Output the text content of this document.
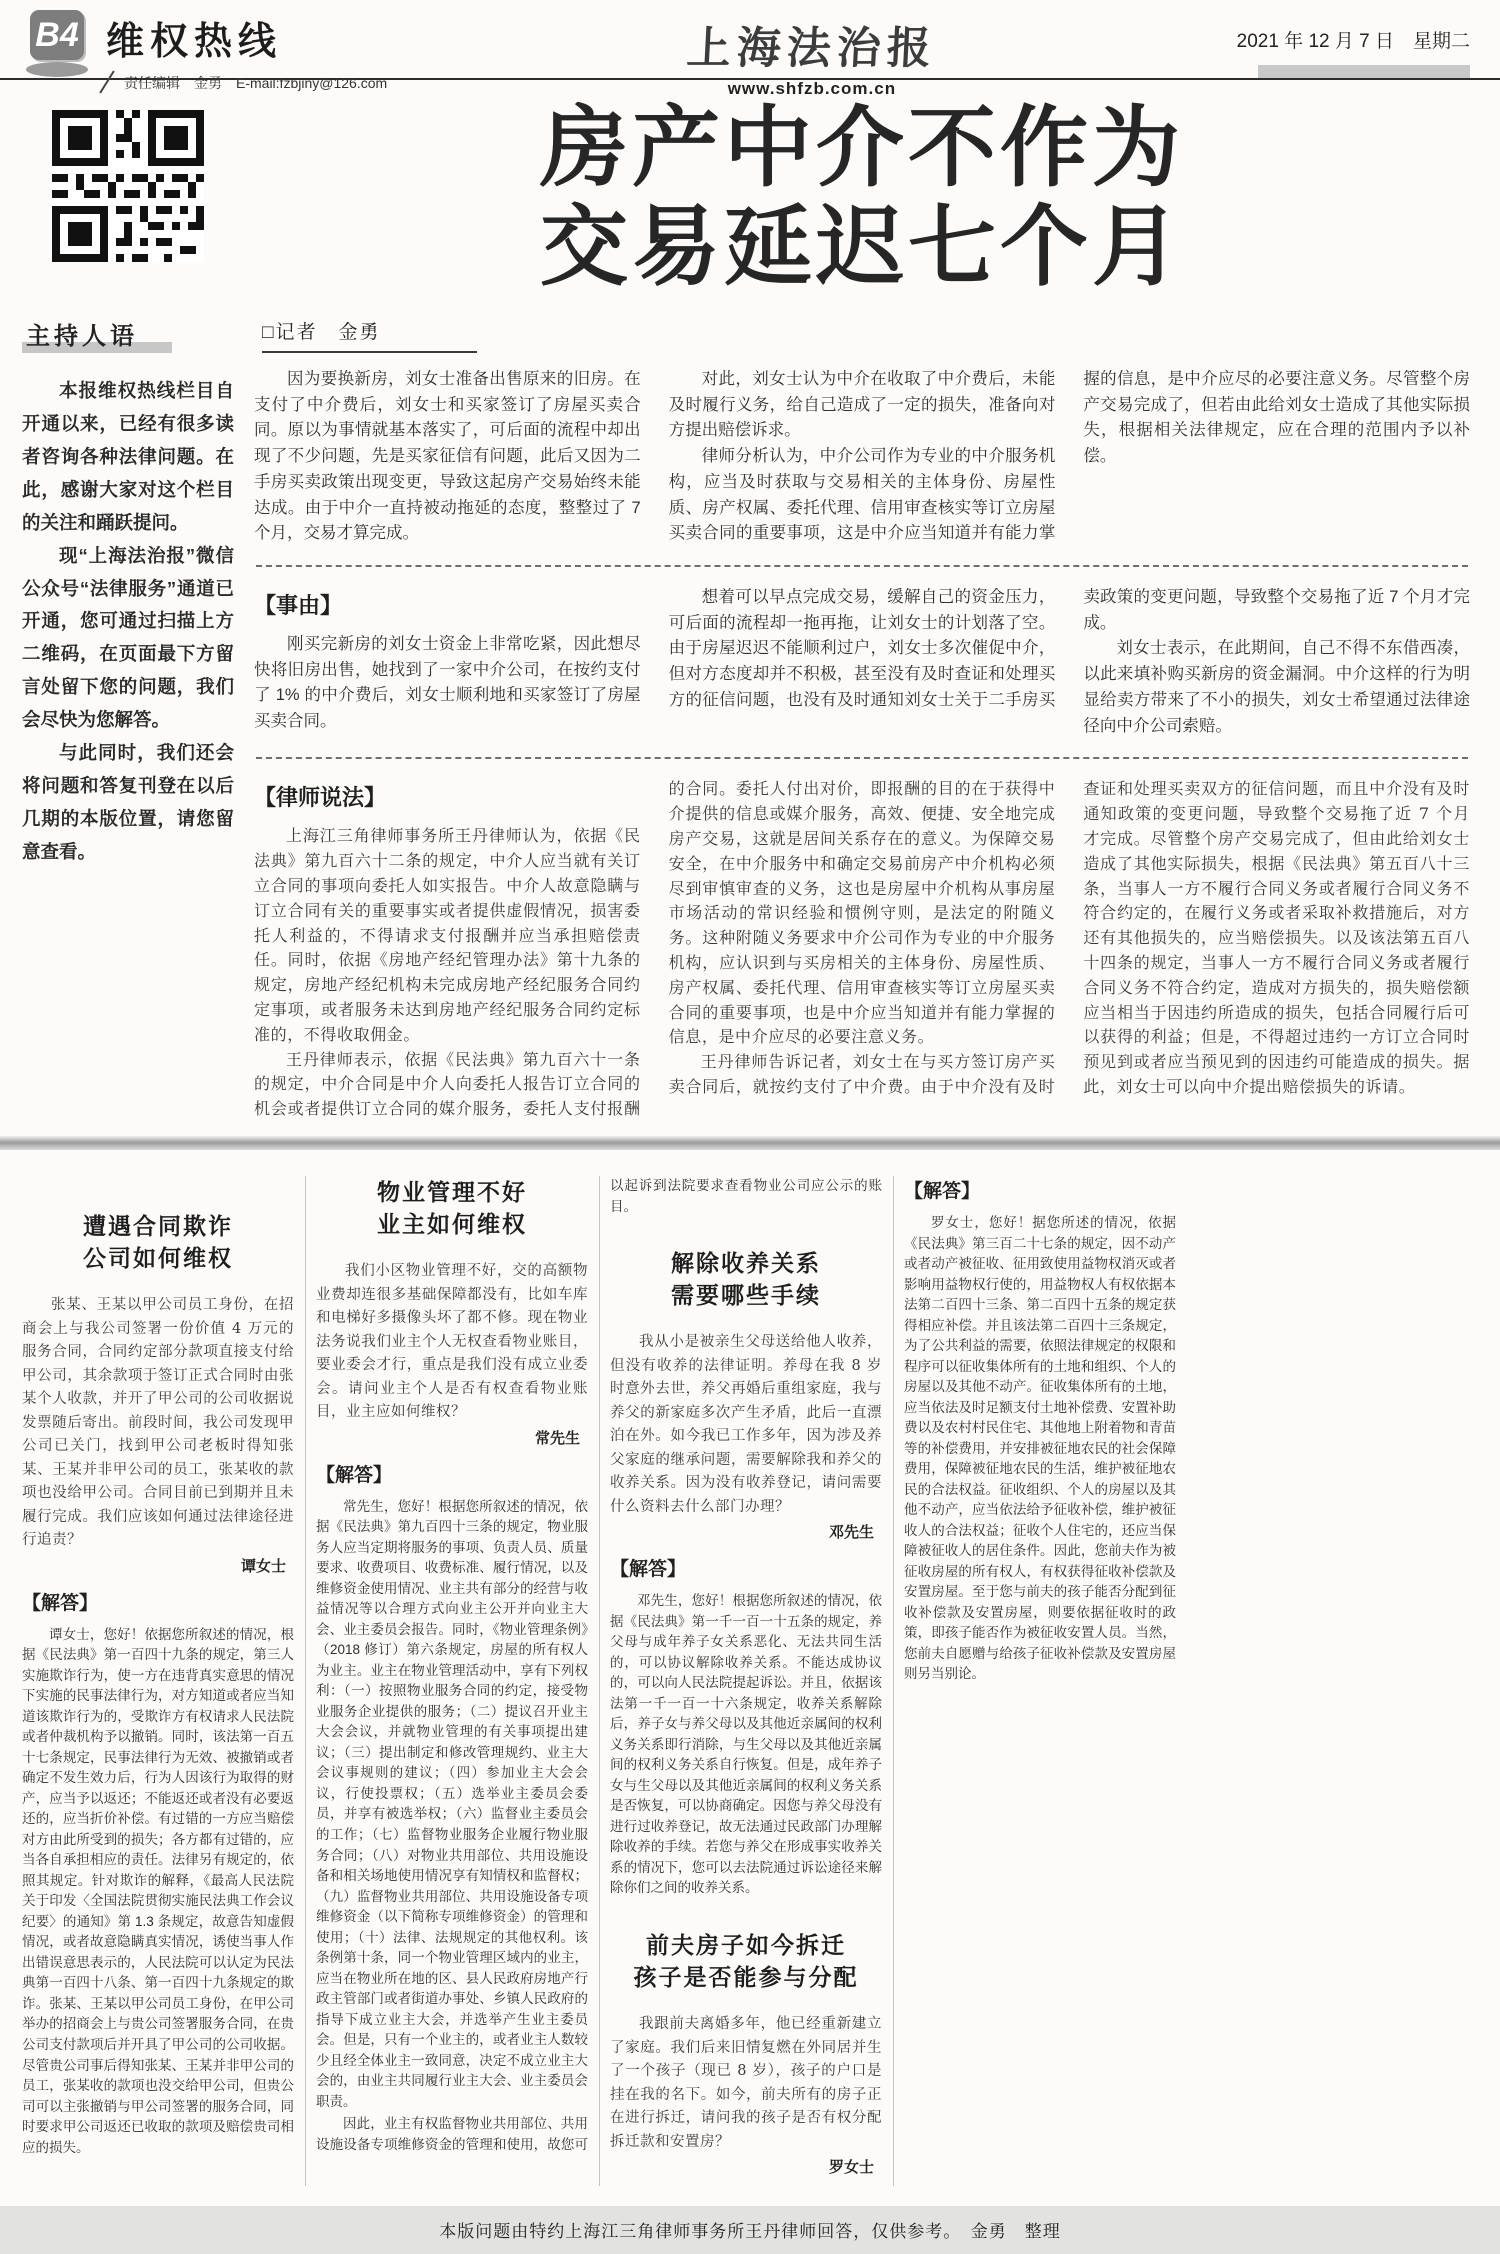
B4 维权热线
责任编辑　金勇　E-mail:fzbjiny@126.com
上海法治报
www.shfzb.com.cn
2021 年 12 月 7 日　星期二
主持人语

本报维权热线栏目自开通以来，已经有很多读者咨询各种法律问题。在此，感谢大家对这个栏目的关注和踊跃提问。

现“上海法治报”微信公众号“法律服务”通道已开通，您可通过扫描上方二维码，在页面最下方留言处留下您的问题，我们会尽快为您解答。

与此同时，我们还会将问题和答复刊登在以后几期的本版位置，请您留意查看。

房产中介不作为
交易延迟七个月
□记者　金勇

因为要换新房，刘女士准备出售原来的旧房。在支付了中介费后，刘女士和买家签订了房屋买卖合同。原以为事情就基本落实了，可后面的流程中却出现了不少问题，先是买家征信有问题，此后又因为二手房买卖政策出现变更，导致这起房产交易始终未能达成。由于中介一直持被动拖延的态度，整整过了 7 个月，交易才算完成。

对此，刘女士认为中介在收取了中介费后，未能及时履行义务，给自己造成了一定的损失，准备向对方提出赔偿诉求。

律师分析认为，中介公司作为专业的中介服务机构，应当及时获取与交易相关的主体身份、房屋性质、房产权属、委托代理、信用审查核实等订立房屋买卖合同的重要事项，这是中介应当知道并有能力掌握的信息，是中介应尽的必要注意义务。尽管整个房产交易完成了，但若由此给刘女士造成了其他实际损失，根据相关法律规定，应在合理的范围内予以补偿。

【事由】

刚买完新房的刘女士资金上非常吃紧，因此想尽快将旧房出售，她找到了一家中介公司，在按约支付了 1% 的中介费后，刘女士顺利地和买家签订了房屋买卖合同。

想着可以早点完成交易，缓解自己的资金压力，可后面的流程却一拖再拖，让刘女士的计划落了空。由于房屋迟迟不能顺利过户，刘女士多次催促中介，但对方态度却并不积极，甚至没有及时查证和处理买方的征信问题，也没有及时通知刘女士关于二手房买卖政策的变更问题，导致整个交易拖了近 7 个月才完成。

刘女士表示，在此期间，自己不得不东借西凑，以此来填补购买新房的资金漏洞。中介这样的行为明显给卖方带来了不小的损失，刘女士希望通过法律途径向中介公司索赔。

【律师说法】

上海江三角律师事务所王丹律师认为，依据《民法典》第九百六十二条的规定，中介人应当就有关订立合同的事项向委托人如实报告。中介人故意隐瞒与订立合同有关的重要事实或者提供虚假情况，损害委托人利益的，不得请求支付报酬并应当承担赔偿责任。同时，依据《房地产经纪管理办法》第十九条的规定，房地产经纪机构未完成房地产经纪服务合同约定事项，或者服务未达到房地产经纪服务合同约定标准的，不得收取佣金。

王丹律师表示，依据《民法典》第九百六十一条的规定，中介合同是中介人向委托人报告订立合同的机会或者提供订立合同的媒介服务，委托人支付报酬的合同。委托人付出对价，即报酬的目的在于获得中介提供的信息或媒介服务，高效、便捷、安全地完成房产交易，这就是居间关系存在的意义。为保障交易安全，在中介服务中和确定交易前房产中介机构必须尽到审慎审查的义务，这也是房屋中介机构从事房屋市场活动的常识经验和惯例守则，是法定的附随义务。这种附随义务要求中介公司作为专业的中介服务机构，应认识到与买房相关的主体身份、房屋性质、房产权属、委托代理、信用审查核实等订立房屋买卖合同的重要事项，也是中介应当知道并有能力掌握的信息，是中介应尽的必要注意义务。

王丹律师告诉记者，刘女士在与买方签订房产买卖合同后，就按约支付了中介费。由于中介没有及时查证和处理买卖双方的征信问题，而且中介没有及时通知政策的变更问题，导致整个交易拖了近 7 个月才完成。尽管整个房产交易完成了，但由此给刘女士造成了其他实际损失，根据《民法典》第五百八十三条，当事人一方不履行合同义务或者履行合同义务不符合约定的，在履行义务或者采取补救措施后，对方还有其他损失的，应当赔偿损失。以及该法第五百八十四条的规定，当事人一方不履行合同义务或者履行合同义务不符合约定，造成对方损失的，损失赔偿额应当相当于因违约所造成的损失，包括合同履行后可以获得的利益；但是，不得超过违约一方订立合同时预见到或者应当预见到的因违约可能造成的损失。据此，刘女士可以向中介提出赔偿损失的诉请。

遭遇合同欺诈
公司如何维权

张某、王某以甲公司员工身份，在招商会上与我公司签署一份价值 4 万元的服务合同，合同约定部分款项直接支付给甲公司，其余款项于签订正式合同时由张某个人收款，并开了甲公司的公司收据说发票随后寄出。前段时间，我公司发现甲公司已关门，找到甲公司老板时得知张某、王某并非甲公司的员工，张某收的款项也没给甲公司。合同目前已到期并且未履行完成。我们应该如何通过法律途径进行追责？

谭女士

【解答】

谭女士，您好！依据您所叙述的情况，根据《民法典》第一百四十九条的规定，第三人实施欺诈行为，使一方在违背真实意思的情况下实施的民事法律行为，对方知道或者应当知道该欺诈行为的，受欺诈方有权请求人民法院或者仲裁机构予以撤销。同时，该法第一百五十七条规定，民事法律行为无效、被撤销或者确定不发生效力后，行为人因该行为取得的财产，应当予以返还；不能返还或者没有必要返还的，应当折价补偿。有过错的一方应当赔偿对方由此所受到的损失；各方都有过错的，应当各自承担相应的责任。法律另有规定的，依照其规定。针对欺诈的解释，《最高人民法院关于印发〈全国法院贯彻实施民法典工作会议纪要〉的通知》第 1.3 条规定，故意告知虚假情况，或者故意隐瞒真实情况，诱使当事人作出错误意思表示的，人民法院可以认定为民法典第一百四十八条、第一百四十九条规定的欺诈。张某、王某以甲公司员工身份，在甲公司举办的招商会上与贵公司签署服务合同，在贵公司支付款项后并开具了甲公司的公司收据。尽管贵公司事后得知张某、王某并非甲公司的员工，张某收的款项也没交给甲公司，但贵公司可以主张撤销与甲公司签署的服务合同，同时要求甲公司返还已收取的款项及赔偿贵司相应的损失。

物业管理不好
业主如何维权

我们小区物业管理不好，交的高额物业费却连很多基础保障都没有，比如车库和电梯好多摄像头坏了都不修。现在物业法务说我们业主个人无权查看物业账目，要业委会才行，重点是我们没有成立业委会。请问业主个人是否有权查看物业账目，业主应如何维权？

常先生

【解答】

常先生，您好！根据您所叙述的情况，依据《民法典》第九百四十三条的规定，物业服务人应当定期将服务的事项、负责人员、质量要求、收费项目、收费标准、履行情况，以及维修资金使用情况、业主共有部分的经营与收益情况等以合理方式向业主公开并向业主大会、业主委员会报告。同时，《物业管理条例》（2018 修订）第六条规定，房屋的所有权人为业主。业主在物业管理活动中，享有下列权利：（一）按照物业服务合同的约定，接受物业服务企业提供的服务；（二）提议召开业主大会会议，并就物业管理的有关事项提出建议；（三）提出制定和修改管理规约、业主大会议事规则的建议；（四）参加业主大会会议，行使投票权；（五）选举业主委员会委员，并享有被选举权；（六）监督业主委员会的工作；（七）监督物业服务企业履行物业服务合同；（八）对物业共用部位、共用设施设备和相关场地使用情况享有知情权和监督权；（九）监督物业共用部位、共用设施设备专项维修资金（以下简称专项维修资金）的管理和使用；（十）法律、法规规定的其他权利。该条例第十条，同一个物业管理区域内的业主，应当在物业所在地的区、县人民政府房地产行政主管部门或者街道办事处、乡镇人民政府的指导下成立业主大会，并选举产生业主委员会。但是，只有一个业主的，或者业主人数较少且经全体业主一致同意，决定不成立业主大会的，由业主共同履行业主大会、业主委员会职责。

因此，业主有权监督物业共用部位、共用设施设备专项维修资金的管理和使用，故您可以起诉到法院要求查看物业公司应公示的账目。

解除收养关系
需要哪些手续

我从小是被亲生父母送给他人收养，但没有收养的法律证明。养母在我 8 岁时意外去世，养父再婚后重组家庭，我与养父的新家庭多次产生矛盾，此后一直漂泊在外。如今我已工作多年，因为涉及养父家庭的继承问题，需要解除我和养父的收养关系。因为没有收养登记，请问需要什么资料去什么部门办理？

邓先生

【解答】

邓先生，您好！根据您所叙述的情况，依据《民法典》第一千一百一十五条的规定，养父母与成年养子女关系恶化、无法共同生活的，可以协议解除收养关系。不能达成协议的，可以向人民法院提起诉讼。并且，依据该法第一千一百一十六条规定，收养关系解除后，养子女与养父母以及其他近亲属间的权利义务关系即行消除，与生父母以及其他近亲属间的权利义务关系自行恢复。但是，成年养子女与生父母以及其他近亲属间的权利义务关系是否恢复，可以协商确定。因您与养父母没有进行过收养登记，故无法通过民政部门办理解除收养的手续。若您与养父在形成事实收养关系的情况下，您可以去法院通过诉讼途径来解除你们之间的收养关系。

前夫房子如今拆迁
孩子是否能参与分配

我跟前夫离婚多年，他已经重新建立了家庭。我们后来旧情复燃在外同居并生了一个孩子（现已 8 岁），孩子的户口是挂在我的名下。如今，前夫所有的房子正在进行拆迁，请问我的孩子是否有权分配拆迁款和安置房？

罗女士

【解答】

罗女士，您好！据您所述的情况，依据《民法典》第三百二十七条的规定，因不动产或者动产被征收、征用致使用益物权消灭或者影响用益物权行使的，用益物权人有权依据本法第二百四十三条、第二百四十五条的规定获得相应补偿。并且该法第二百四十三条规定，为了公共利益的需要，依照法律规定的权限和程序可以征收集体所有的土地和组织、个人的房屋以及其他不动产。征收集体所有的土地，应当依法及时足额支付土地补偿费、安置补助费以及农村村民住宅、其他地上附着物和青苗等的补偿费用，并安排被征地农民的社会保障费用，保障被征地农民的生活，维护被征地农民的合法权益。征收组织、个人的房屋以及其他不动产，应当依法给予征收补偿，维护被征收人的合法权益；征收个人住宅的，还应当保障被征收人的居住条件。因此，您前夫作为被征收房屋的所有权人，有权获得征收补偿款及安置房屋。至于您与前夫的孩子能否分配到征收补偿款及安置房屋，则要依据征收时的政策，即孩子能否作为被征收安置人员。当然，您前夫自愿赠与给孩子征收补偿款及安置房屋则另当别论。

本版问题由特约上海江三角律师事务所王丹律师回答，仅供参考。　金勇　整理
